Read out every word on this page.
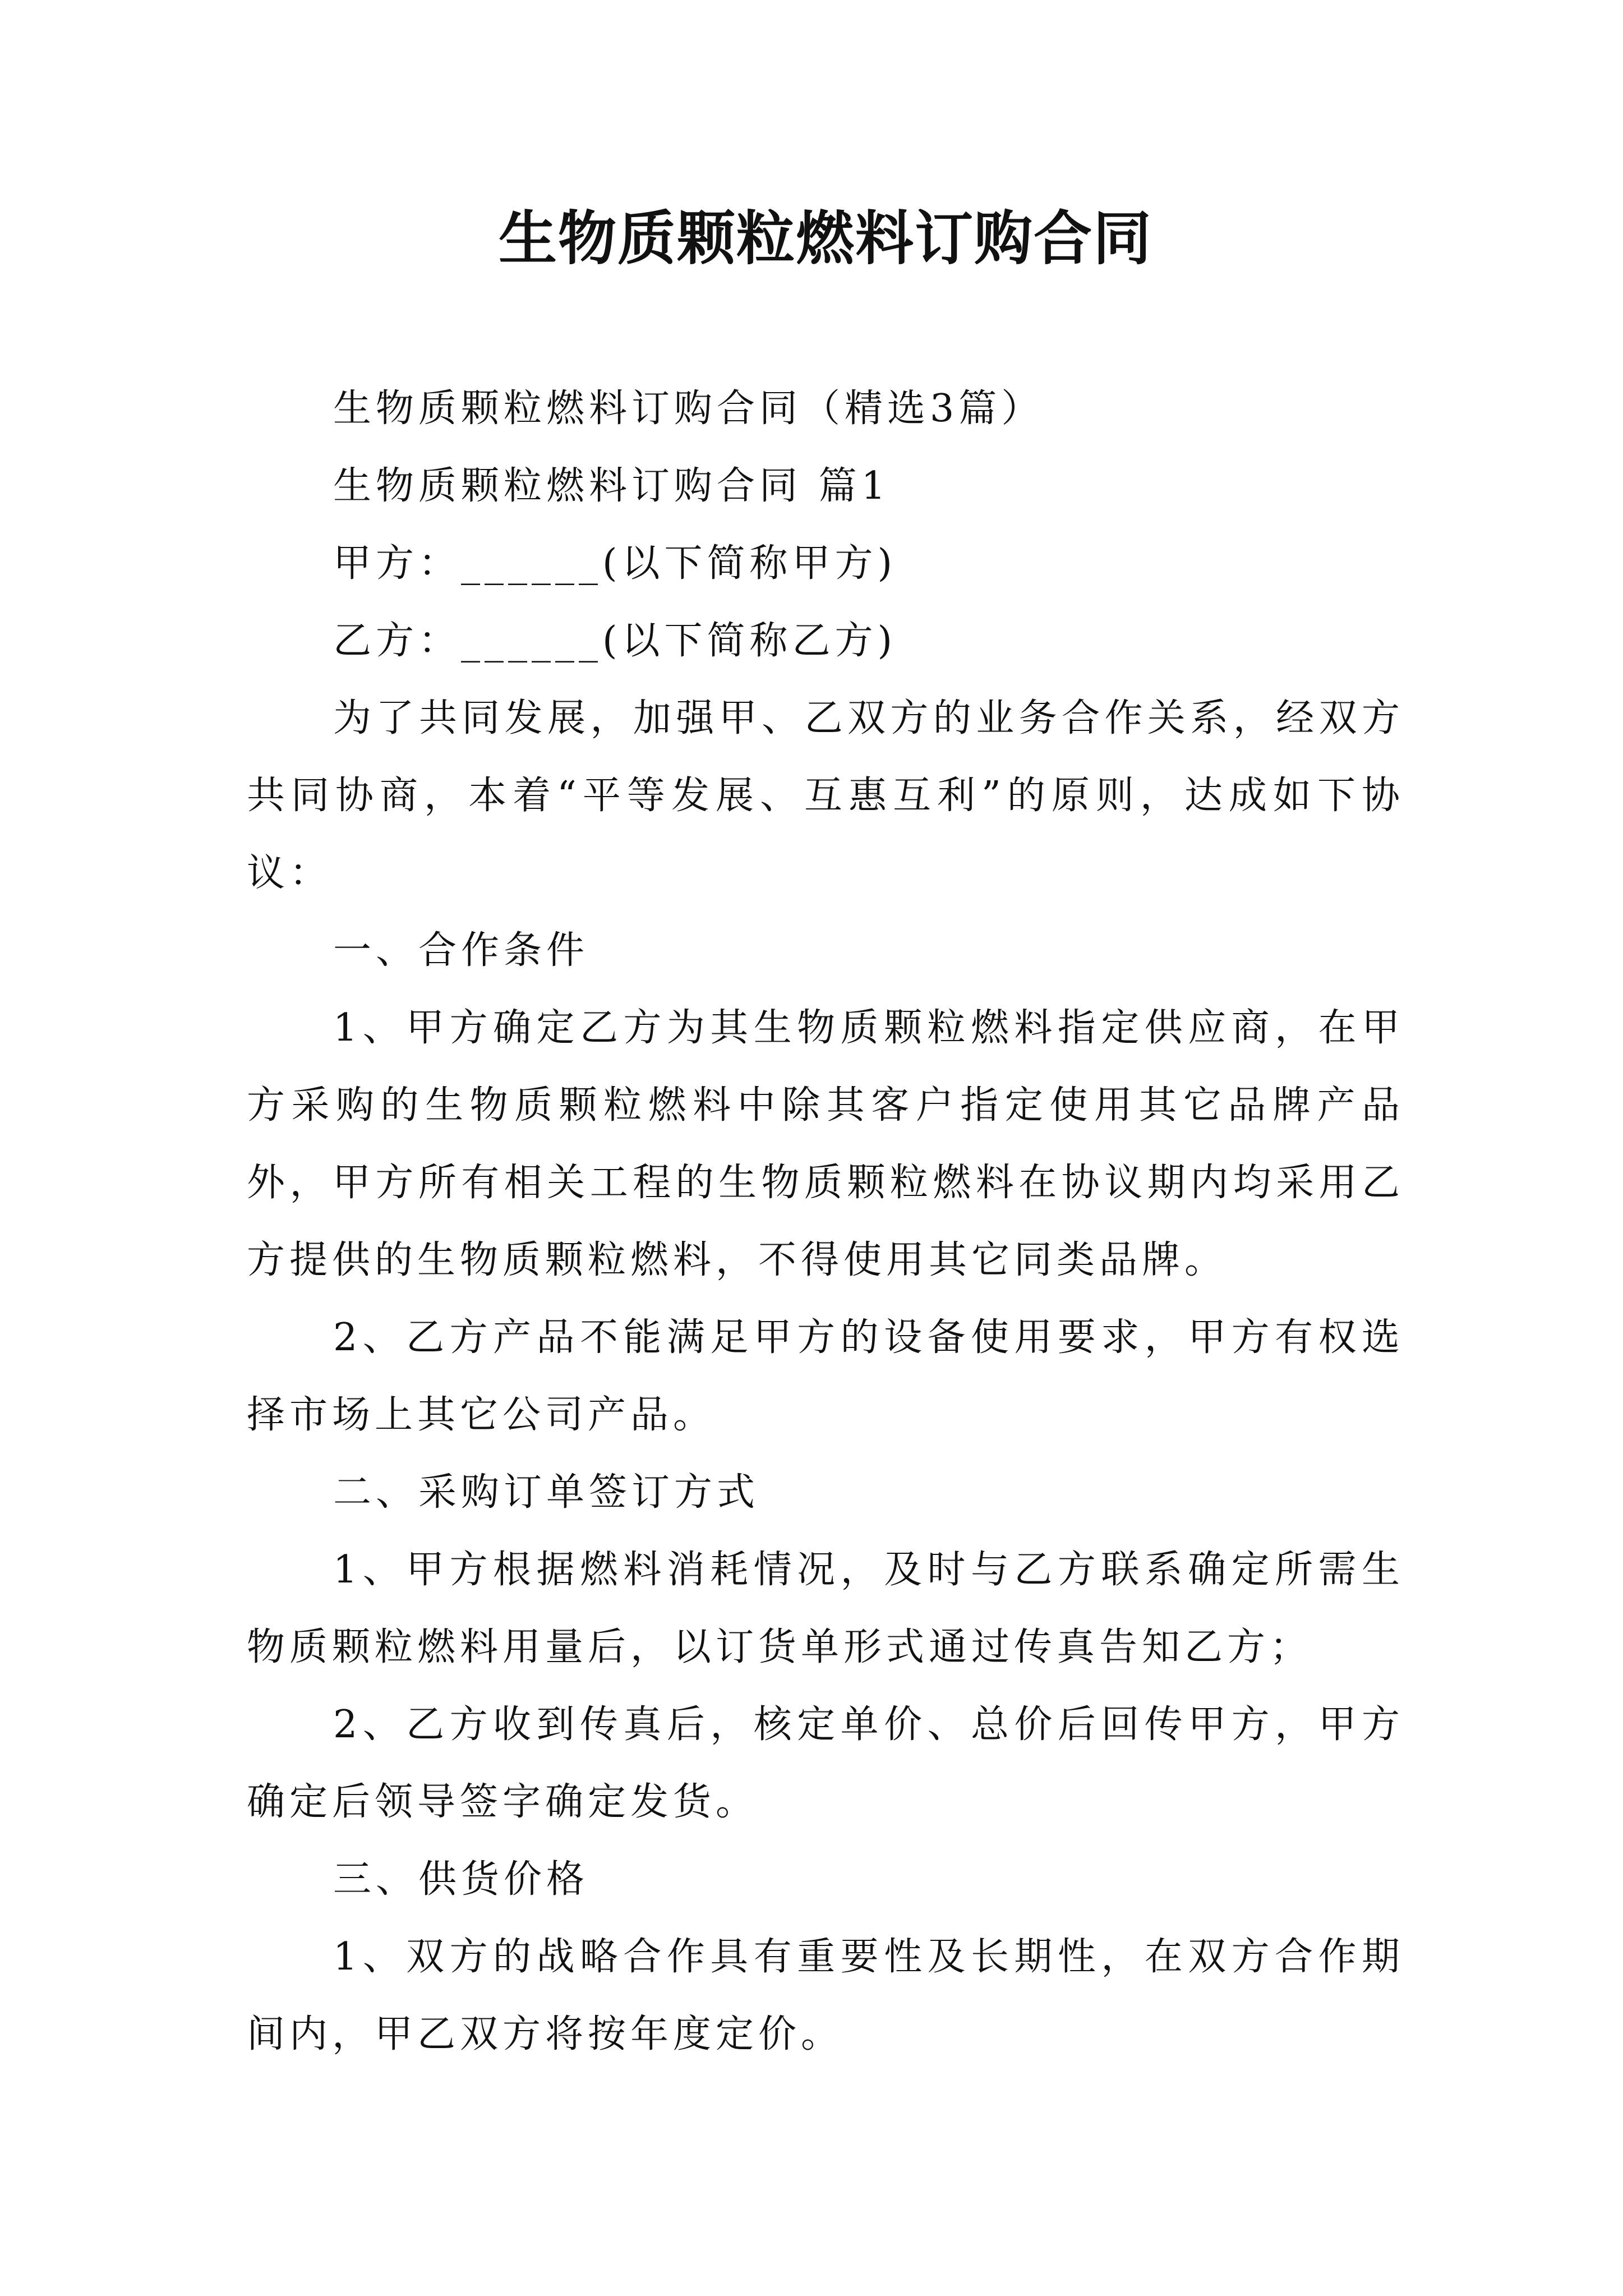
生物质颗粒燃料订购合同

生物质颗粒燃料订购合同（精选3篇）

生物质颗粒燃料订购合同 篇1

甲方：______(以下简称甲方)

乙方：______(以下简称乙方)

为了共同发展，加强甲、乙双方的业务合作关系，经双方共同协商，本着“平等发展、互惠互利”的原则，达成如下协议：

一、合作条件

1、甲方确定乙方为其生物质颗粒燃料指定供应商，在甲方采购的生物质颗粒燃料中除其客户指定使用其它品牌产品外，甲方所有相关工程的生物质颗粒燃料在协议期内均采用乙方提供的生物质颗粒燃料，不得使用其它同类品牌。

2、乙方产品不能满足甲方的设备使用要求，甲方有权选择市场上其它公司产品。

二、采购订单签订方式

1、甲方根据燃料消耗情况，及时与乙方联系确定所需生物质颗粒燃料用量后，以订货单形式通过传真告知乙方；

2、乙方收到传真后，核定单价、总价后回传甲方，甲方确定后领导签字确定发货。

三、供货价格

1、双方的战略合作具有重要性及长期性，在双方合作期间内，甲乙双方将按年度定价。
